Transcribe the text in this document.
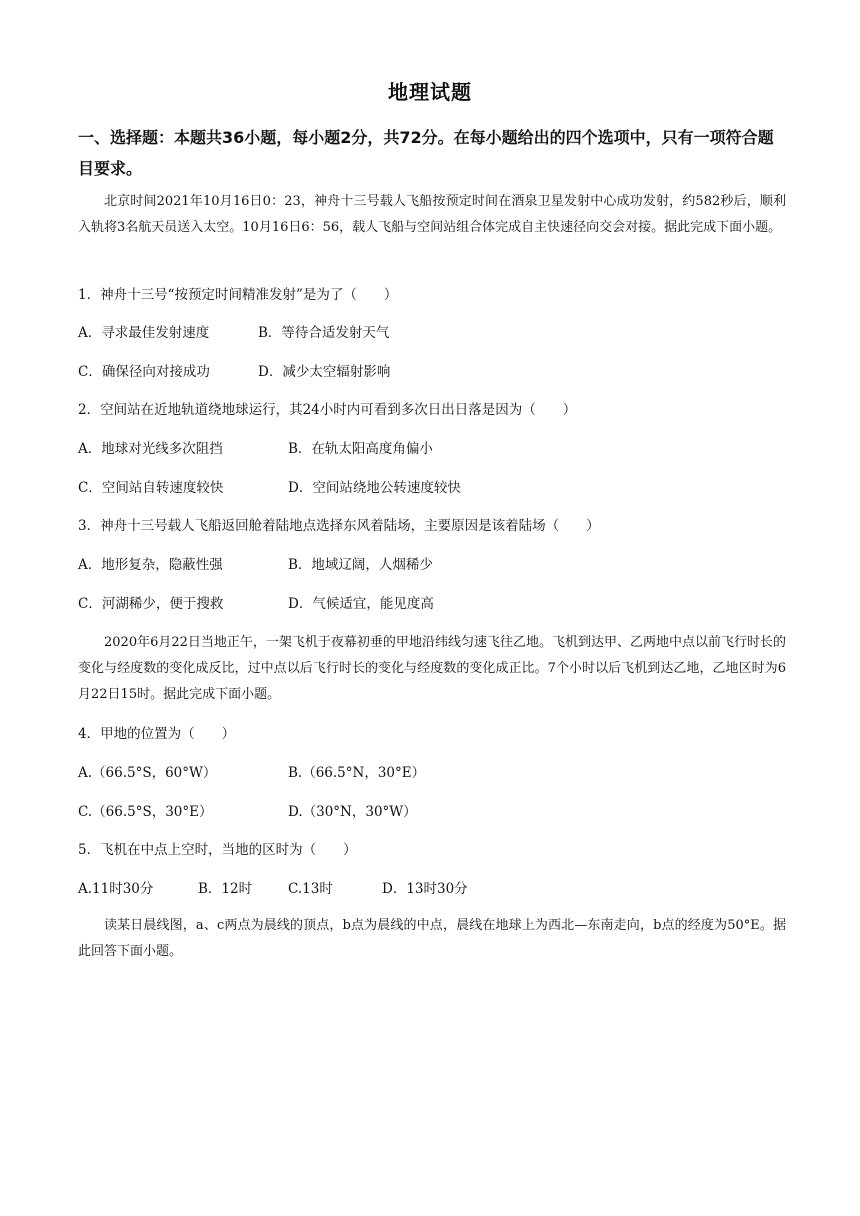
地理试题
一、选择题：本题共36小题，每小题2分，共72分。在每小题给出的四个选项中，只有一项符合题目要求。
北京时间2021年10月16日0：23，神舟十三号载人飞船按预定时间在酒泉卫星发射中心成功发射，约582秒后，顺利入轨将3名航天员送入太空。10月16日6：56，载人飞船与空间站组合体完成自主快速径向交会对接。据此完成下面小题。
1．神舟十三号“按预定时间精准发射”是为了（　　）
A．寻求最佳发射速度	B．等待合适发射天气
C．确保径向对接成功	D．减少太空辐射影响
2．空间站在近地轨道绕地球运行，其24小时内可看到多次日出日落是因为（　　）
A．地球对光线多次阻挡	B．在轨太阳高度角偏小
C．空间站自转速度较快	D．空间站绕地公转速度较快
3．神舟十三号载人飞船返回舱着陆地点选择东风着陆场，主要原因是该着陆场（　　）
A．地形复杂，隐蔽性强	B．地域辽阔，人烟稀少
C．河湖稀少，便于搜救	D．气候适宜，能见度高
2020年6月22日当地正午，一架飞机于夜幕初垂的甲地沿纬线匀速飞往乙地。飞机到达甲、乙两地中点以前飞行时长的变化与经度数的变化成反比，过中点以后飞行时长的变化与经度数的变化成正比。7个小时以后飞机到达乙地，乙地区时为6月22日15时。据此完成下面小题。
4．甲地的位置为（　　）
A.（66.5°S，60°W）	B.（66.5°N，30°E）
C.（66.5°S，30°E）	D.（30°N，30°W）
5．飞机在中点上空时，当地的区时为（　　）
A.11时30分	B．12时	C.13时	D．13时30分
读某日晨线图，a、c两点为晨线的顶点，b点为晨线的中点，晨线在地球上为西北—东南走向，b点的经度为50°E。据此回答下面小题。
